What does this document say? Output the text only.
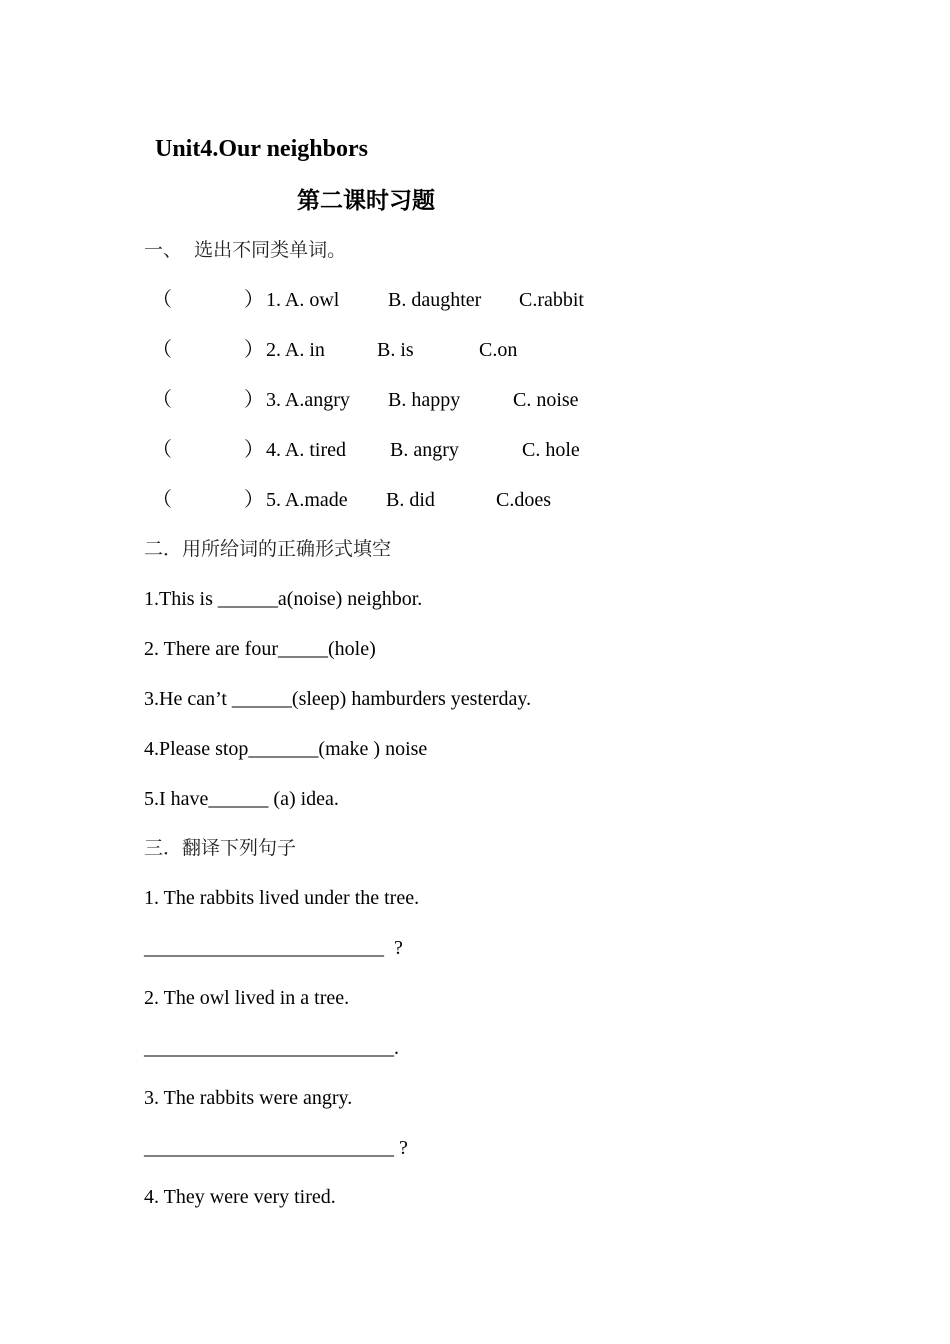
Unit4.Our neighbors
第二课时习题
一、  选出不同类单词。
（	） 1. A. owl B. daughter C.rabbit
（	） 2. A. in	B. is	C.on
（	） 3. A.angry B. happy	C. noise
（	） 4. A. tired B. angry	C. hole
（	） 5. A.made B. did	C.does
二．用所给词的正确形式填空
1.This is ______a(noise) neighbor.
2. There are four_____(hole)
3.He can’t ______(sleep) hamburders yesterday.
4.Please stop_______(make ) noise
5.I have______ (a) idea.
三．翻译下列句子
1. The rabbits lived under the tree.
________________________  ?
2. The owl lived in a tree.
_________________________.
3. The rabbits were angry.
_________________________ ?
4. They were very tired.
